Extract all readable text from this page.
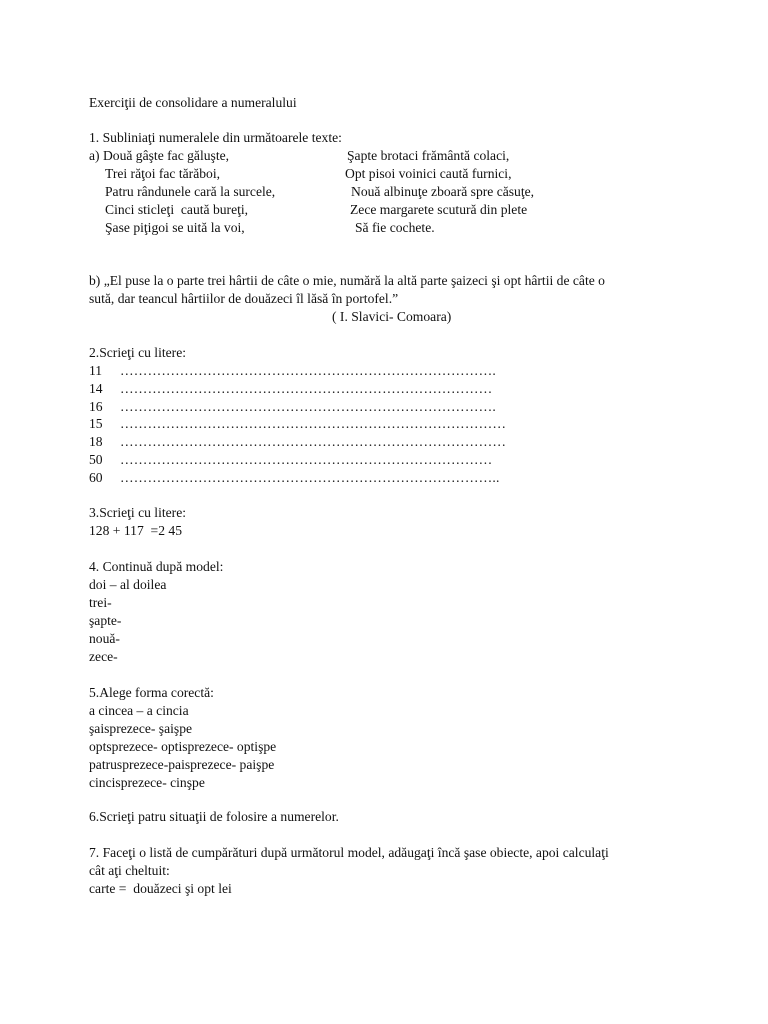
Exerciţii de consolidare a numeralului
1. Subliniaţi numeralele din următoarele texte:
a) Două gâşte fac găluşte,	Şapte brotaci frământă colaci,
Trei răţoi fac tărăboi,	Opt pisoi voinici caută furnici,
Patru rândunele cară la surcele,	Nouă albinuţe zboară spre căsuţe,
Cinci sticleţi  caută bureţi,	Zece margarete scutură din plete
Şase piţigoi se uită la voi,	Să fie cochete.
b) „El puse la o parte trei hârtii de câte o mie, numără la altă parte şaizeci şi opt hârtii de câte o
sută, dar teancul hârtiilor de douăzeci îl lăsă în portofel.”
( I. Slavici- Comoara)
2.Scrieţi cu litere:
11 ……………………………………………………………………….
14 ………………………………………………………………………
16 ……………………………………………………………………….
15 …………………………………………………………………………
18 …………………………………………………………………………
50 ………………………………………………………………………
60 ………………………………………………………………………..
3.Scrieţi cu litere:
128 + 117  =2 45
4. Continuă după model:
doi – al doilea
trei-
şapte-
nouă-
zece-
5.Alege forma corectă:
a cincea – a cincia
şaisprezece- şaişpe
optsprezece- optisprezece- optişpe
patrusprezece-paisprezece- paişpe
cincisprezece- cinşpe
6.Scrieţi patru situaţii de folosire a numerelor.
7. Faceţi o listă de cumpărături după următorul model, adăugaţi încă şase obiecte, apoi calculaţi
cât aţi cheltuit:
carte =  douăzeci şi opt lei
